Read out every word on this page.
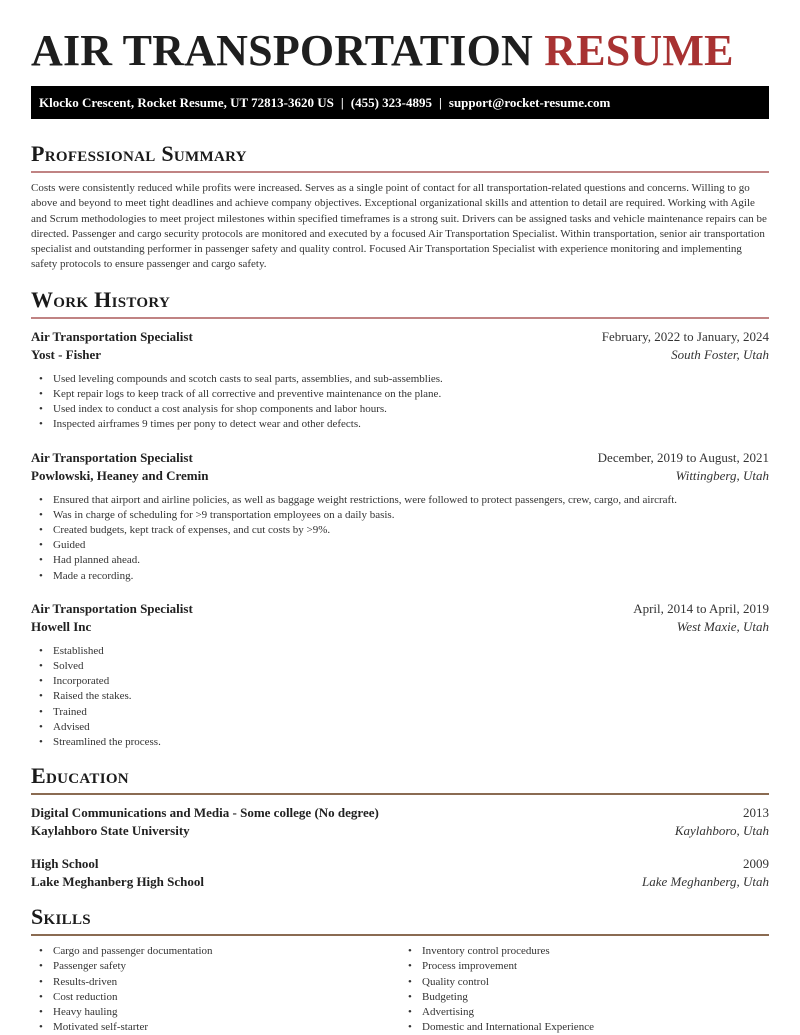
AIR TRANSPORTATION RESUME
Klocko Crescent, Rocket Resume, UT 72813-3620 US | (455) 323-4895 | support@rocket-resume.com
Professional Summary

Costs were consistently reduced while profits were increased. Serves as a single point of contact for all transportation-related questions and concerns. Willing to go above and beyond to meet tight deadlines and achieve company objectives. Exceptional organizational skills and attention to detail are required. Working with Agile and Scrum methodologies to meet project milestones within specified timeframes is a strong suit. Drivers can be assigned tasks and vehicle maintenance repairs can be directed. Passenger and cargo security protocols are monitored and executed by a focused Air Transportation Specialist. Within transportation, senior air transportation specialist and outstanding performer in passenger safety and quality control. Focused Air Transportation Specialist with experience monitoring and implementing safety protocols to ensure passenger and cargo safety.

Work History
Air Transportation Specialist	February, 2022 to January, 2024
Yost - Fisher	South Foster, Utah
• Used leveling compounds and scotch casts to seal parts, assemblies, and sub-assemblies.
• Kept repair logs to keep track of all corrective and preventive maintenance on the plane.
• Used index to conduct a cost analysis for shop components and labor hours.
• Inspected airframes 9 times per pony to detect wear and other defects.
Air Transportation Specialist	December, 2019 to August, 2021
Powlowski, Heaney and Cremin	Wittingberg, Utah
• Ensured that airport and airline policies, as well as baggage weight restrictions, were followed to protect passengers, crew, cargo, and aircraft.
• Was in charge of scheduling for >9 transportation employees on a daily basis.
• Created budgets, kept track of expenses, and cut costs by >9%.
• Guided
• Had planned ahead.
• Made a recording.
Air Transportation Specialist	April, 2014 to April, 2019
Howell Inc	West Maxie, Utah
• Established
• Solved
• Incorporated
• Raised the stakes.
• Trained
• Advised
• Streamlined the process.
Education
Digital Communications and Media - Some college (No degree)	2013
Kaylahboro State University	Kaylahboro, Utah
High School	2009
Lake Meghanberg High School	Lake Meghanberg, Utah
Skills
• Cargo and passenger documentation
• Passenger safety
• Results-driven
• Cost reduction
• Heavy hauling
• Motivated self-starter
• Inventory control procedures
• Process improvement
• Quality control
• Budgeting
• Advertising
• Domestic and International Experience
